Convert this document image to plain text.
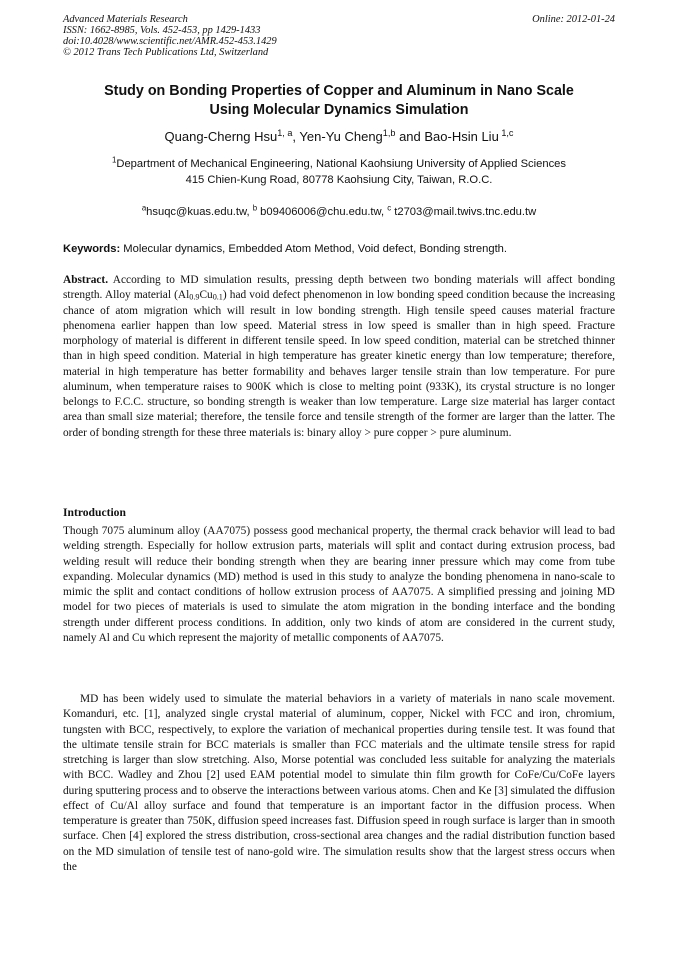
Advanced Materials Research
ISSN: 1662-8985, Vols. 452-453, pp 1429-1433
doi:10.4028/www.scientific.net/AMR.452-453.1429
© 2012 Trans Tech Publications Ltd, Switzerland
Online: 2012-01-24
Study on Bonding Properties of Copper and Aluminum in Nano Scale
Using Molecular Dynamics Simulation
Quang-Cherng Hsu$^{1, a}$, Yen-Yu Cheng$^{1,b}$ and Bao-Hsin Liu $^{1,c}$
$^1$Department of Mechanical Engineering, National Kaohsiung University of Applied Sciences
415 Chien-Kung Road, 80778 Kaohsiung City, Taiwan, R.O.C.
$^a$hsuqc@kuas.edu.tw, $^b$ b09406006@chu.edu.tw, $^c$ t2703@mail.twivs.tnc.edu.tw
Keywords: Molecular dynamics, Embedded Atom Method, Void defect, Bonding strength.

Abstract. According to MD simulation results, pressing depth between two bonding materials will affect bonding strength. Alloy material $(Al_{0.9}Cu_{0.1})$ had void defect phenomenon in low bonding speed condition because the increasing chance of atom migration which will result in low bonding strength. High tensile speed causes material fracture phenomena earlier happen than low speed. Material stress in low speed is smaller than in high speed. Fracture morphology of material is different in different tensile speed. In low speed condition, material can be stretched thinner than in high speed condition. Material in high temperature has greater kinetic energy than low temperature; therefore, material in high temperature has better formability and behaves larger tensile strain than low temperature. For pure aluminum, when temperature raises to 900K which is close to melting point (933K), its crystal structure is no longer belongs to F.C.C. structure, so bonding strength is weaker than low temperature. Large size material has larger contact area than small size material; therefore, the tensile force and tensile strength of the former are larger than the latter. The order of bonding strength for these three materials is: binary alloy > pure copper > pure aluminum.

Introduction

Though 7075 aluminum alloy (AA7075) possess good mechanical property, the thermal crack behavior will lead to bad welding strength. Especially for hollow extrusion parts, materials will split and contact during extrusion process, bad welding result will reduce their bonding strength when they are bearing inner pressure which may come from tube expanding. Molecular dynamics (MD) method is used in this study to analyze the bonding phenomena in nano-scale to mimic the split and contact conditions of hollow extrusion process of AA7075. A simplified pressing and joining MD model for two pieces of materials is used to simulate the atom migration in the bonding interface and the bonding strength under different process conditions. In addition, only two kinds of atom are considered in the current study, namely Al and Cu which represent the majority of metallic components of AA7075.

MD has been widely used to simulate the material behaviors in a variety of materials in nano scale movement. Komanduri, etc. [1], analyzed single crystal material of aluminum, copper, Nickel with FCC and iron, chromium, tungsten with BCC, respectively, to explore the variation of mechanical properties during tensile test. It was found that the ultimate tensile strain for BCC materials is smaller than FCC materials and the ultimate tensile stress for rapid stretching is larger than slow stretching. Also, Morse potential was concluded less suitable for analyzing the materials with BCC. Wadley and Zhou [2] used EAM potential model to simulate thin film growth for CoFe/Cu/CoFe layers during sputtering process and to observe the interactions between various atoms. Chen and Ke [3] simulated the diffusion effect of Cu/Al alloy surface and found that temperature is an important factor in the diffusion process. When temperature is greater than 750K, diffusion speed increases fast. Diffusion speed in rough surface is larger than in smooth surface. Chen [4] explored the stress distribution, cross-sectional area changes and the radial distribution function based on the MD simulation of tensile test of nano-gold wire. The simulation results show that the largest stress occurs when the
